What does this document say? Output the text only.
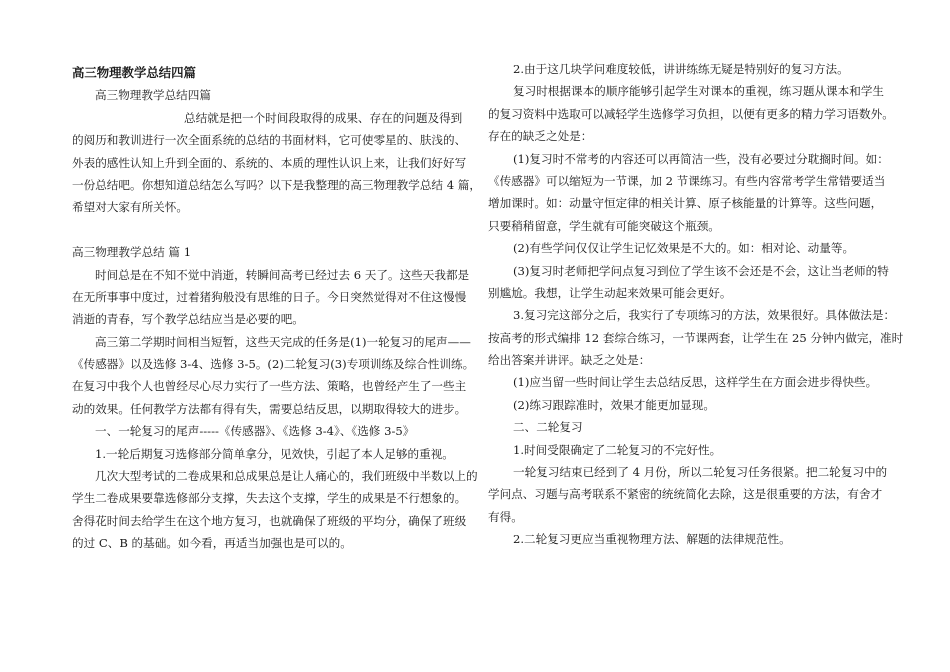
高三物理教学总结四篇
高三物理教学总结四篇
总结就是把一个时间段取得的成果、存在的问题及得到
的阅历和教训进行一次全面系统的总结的书面材料，它可使零星的、肤浅的、
外表的感性认知上升到全面的、系统的、本质的理性认识上来，让我们好好写
一份总结吧。你想知道总结怎么写吗？以下是我整理的高三物理教学总结 4 篇，
希望对大家有所关怀。
高三物理教学总结 篇 1
时间总是在不知不觉中消逝，转瞬间高考已经过去 6 天了。这些天我都是
在无所事事中度过，过着猪狗般没有思维的日子。今日突然觉得对不住这慢慢
消逝的青春，写个教学总结应当是必要的吧。
高三第二学期时间相当短暂，这些天完成的任务是(1)一轮复习的尾声——
《传感器》以及选修 3-4、选修 3-5。(2)二轮复习(3)专项训练及综合性训练。
在复习中我个人也曾经尽心尽力实行了一些方法、策略，也曾经产生了一些主
动的效果。任何教学方法都有得有失，需要总结反思，以期取得较大的进步。
一、一轮复习的尾声-----《传感器》、《选修 3-4》、《选修 3-5》
1.一轮后期复习选修部分简单拿分，见效快，引起了本人足够的重视。
几次大型考试的二卷成果和总成果总是让人痛心的，我们班级中半数以上的
学生二卷成果要靠选修部分支撑，失去这个支撑，学生的成果是不行想象的。
舍得花时间去给学生在这个地方复习，也就确保了班级的平均分，确保了班级
的过 C、B 的基础。如今看，再适当加强也是可以的。
2.由于这几块学问难度较低，讲讲练练无疑是特别好的复习方法。
复习时根据课本的顺序能够引起学生对课本的重视，练习题从课本和学生
的复习资料中选取可以减轻学生选修学习负担，以便有更多的精力学习语数外。
存在的缺乏之处是：
(1)复习时不常考的内容还可以再简洁一些，没有必要过分耽搁时间。如：
《传感器》可以缩短为一节课，加 2 节课练习。有些内容常考学生常错要适当
增加课时。如：动量守恒定律的相关计算、原子核能量的计算等。这些问题，
只要稍稍留意，学生就有可能突破这个瓶颈。
(2)有些学问仅仅让学生记忆效果是不大的。如：相对论、动量等。
(3)复习时老师把学问点复习到位了学生该不会还是不会，这让当老师的特
别尴尬。我想，让学生动起来效果可能会更好。
3.复习完这部分之后，我实行了专项练习的方法，效果很好。具体做法是：
按高考的形式编排 12 套综合练习，一节课两套，让学生在 25 分钟内做完，准时
给出答案并讲评。缺乏之处是：
(1)应当留一些时间让学生去总结反思，这样学生在方面会进步得快些。
(2)练习跟踪准时，效果才能更加显现。
二、二轮复习
1.时间受限确定了二轮复习的不完好性。
一轮复习结束已经到了 4 月份，所以二轮复习任务很紧。把二轮复习中的
学问点、习题与高考联系不紧密的统统简化去除，这是很重要的方法，有舍才
有得。
2.二轮复习更应当重视物理方法、解题的法律规范性。
